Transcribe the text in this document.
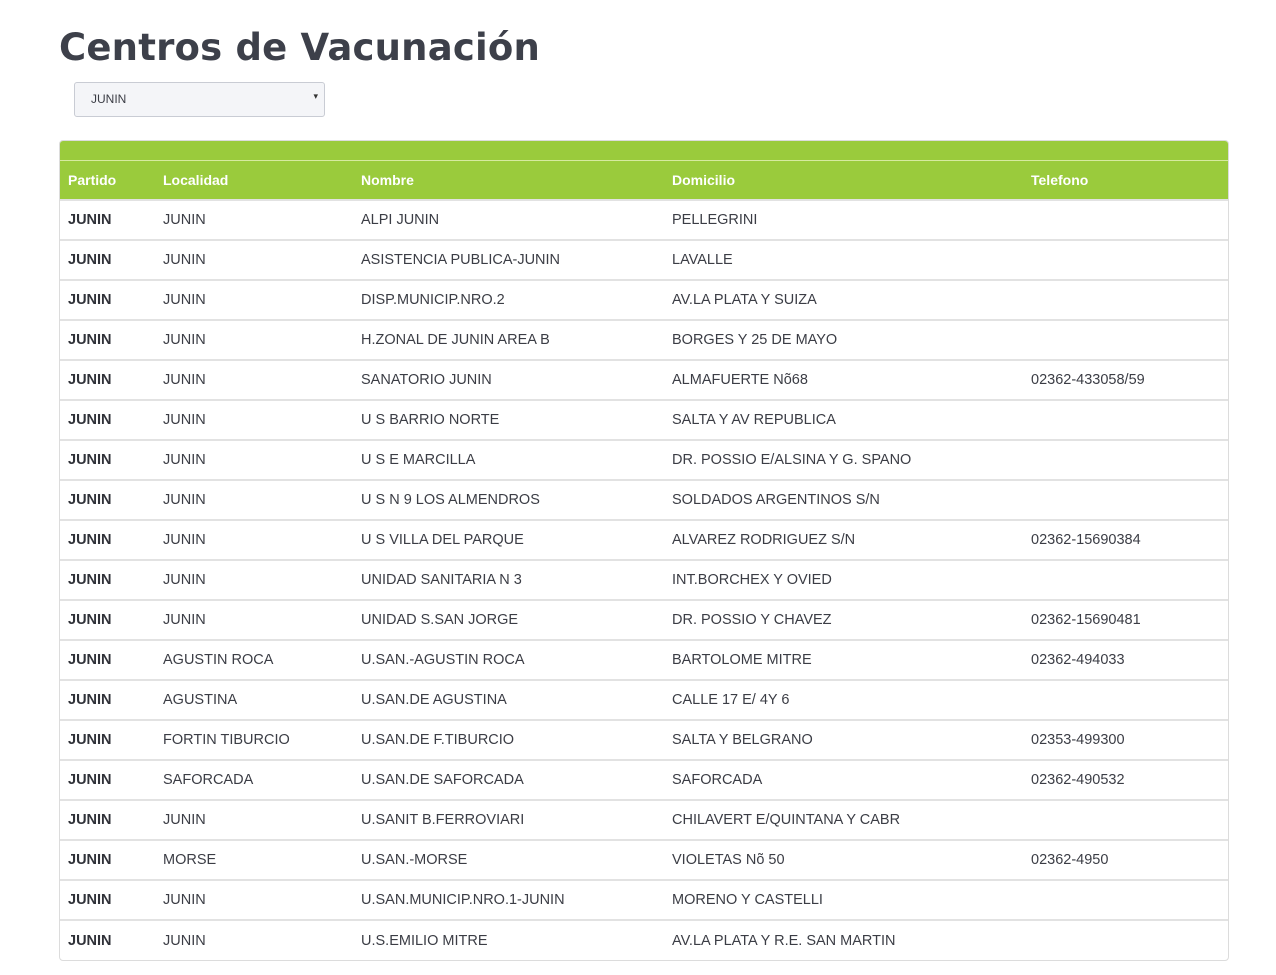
Centros de Vacunación
JUNIN	▾
Partido	Localidad	Nombre	Domicilio	Telefono
JUNIN	JUNIN	ALPI JUNIN	PELLEGRINI	
JUNIN	JUNIN	ASISTENCIA PUBLICA-JUNIN	LAVALLE	
JUNIN	JUNIN	DISP.MUNICIP.NRO.2	AV.LA PLATA Y SUIZA	
JUNIN	JUNIN	H.ZONAL DE JUNIN AREA B	BORGES Y 25 DE MAYO	
JUNIN	JUNIN	SANATORIO JUNIN	ALMAFUERTE Nõ68	02362-433058/59
JUNIN	JUNIN	U S BARRIO NORTE	SALTA Y AV REPUBLICA	
JUNIN	JUNIN	U S E MARCILLA	DR. POSSIO E/ALSINA Y G. SPANO	
JUNIN	JUNIN	U S N 9 LOS ALMENDROS	SOLDADOS ARGENTINOS S/N	
JUNIN	JUNIN	U S VILLA DEL PARQUE	ALVAREZ RODRIGUEZ S/N	02362-15690384
JUNIN	JUNIN	UNIDAD SANITARIA N 3	INT.BORCHEX Y OVIED	
JUNIN	JUNIN	UNIDAD S.SAN JORGE	DR. POSSIO Y CHAVEZ	02362-15690481
JUNIN	AGUSTIN ROCA	U.SAN.-AGUSTIN ROCA	BARTOLOME MITRE	02362-494033
JUNIN	AGUSTINA	U.SAN.DE AGUSTINA	CALLE 17 E/ 4Y 6	
JUNIN	FORTIN TIBURCIO	U.SAN.DE F.TIBURCIO	SALTA Y BELGRANO	02353-499300
JUNIN	SAFORCADA	U.SAN.DE SAFORCADA	SAFORCADA	02362-490532
JUNIN	JUNIN	U.SANIT B.FERROVIARI	CHILAVERT E/QUINTANA Y CABR	
JUNIN	MORSE	U.SAN.-MORSE	VIOLETAS Nõ 50	02362-4950
JUNIN	JUNIN	U.SAN.MUNICIP.NRO.1-JUNIN	MORENO Y CASTELLI	
JUNIN	JUNIN	U.S.EMILIO MITRE	AV.LA PLATA Y R.E. SAN MARTIN	
